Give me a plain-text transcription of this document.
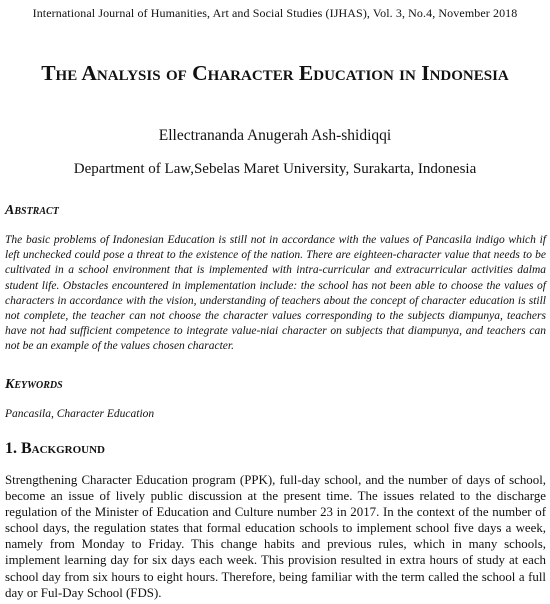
International Journal of Humanities, Art and Social Studies (IJHAS), Vol. 3, No.4, November 2018
The Analysis of Character Education in Indonesia
Ellectrananda Anugerah Ash-shidiqqi
Department of Law,Sebelas Maret University, Surakarta, Indonesia
Abstract
The basic problems of Indonesian Education is still not in accordance with the values of Pancasila indigo which if left unchecked could pose a threat to the existence of the nation. There are eighteen-character value that needs to be cultivated in a school environment that is implemented with intra-curricular and extracurricular activities dalma student life. Obstacles encountered in implementation include: the school has not been able to choose the values of characters in accordance with the vision, understanding of teachers about the concept of character education is still not complete, the teacher can not choose the character values corresponding to the subjects diampunya, teachers have not had sufficient competence to integrate value-niai character on subjects that diampunya, and teachers can not be an example of the values chosen character.
Keywords
Pancasila, Character Education
1. Background
Strengthening Character Education program (PPK), full-day school, and the number of days of school, become an issue of lively public discussion at the present time. The issues related to the discharge regulation of the Minister of Education and Culture number 23 in 2017. In the context of the number of school days, the regulation states that formal education schools to implement school five days a week, namely from Monday to Friday. This change habits and previous rules, which in many schools, implement learning day for six days each week. This provision resulted in extra hours of study at each school day from six hours to eight hours. Therefore, being familiar with the term called the school a full day or Ful-Day School (FDS).
